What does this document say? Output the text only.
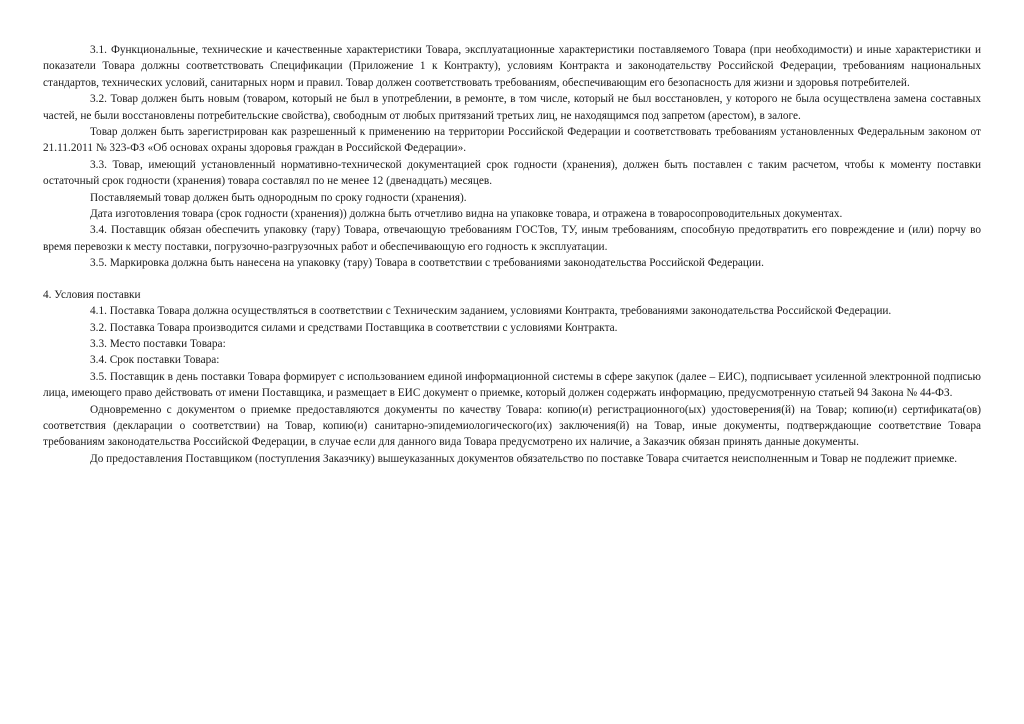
3.1. Функциональные, технические и качественные характеристики Товара, эксплуатационные характеристики поставляемого Товара (при необходимости) и иные характеристики и показатели Товара должны соответствовать Спецификации (Приложение 1 к Контракту), условиям Контракта и законодательству Российской Федерации, требованиям национальных стандартов, технических условий, санитарных норм и правил. Товар должен соответствовать требованиям, обеспечивающим его безопасность для жизни и здоровья потребителей.

3.2. Товар должен быть новым (товаром, который не был в употреблении, в ремонте, в том числе, который не был восстановлен, у которого не была осуществлена замена составных частей, не были восстановлены потребительские свойства), свободным от любых притязаний третьих лиц, не находящимся под запретом (арестом), в залоге.

Товар должен быть зарегистрирован как разрешенный к применению на территории Российской Федерации и соответствовать требованиям установленных Федеральным законом от 21.11.2011 № 323-ФЗ «Об основах охраны здоровья граждан в Российской Федерации».

3.3. Товар, имеющий установленный нормативно-технической документацией срок годности (хранения), должен быть поставлен с таким расчетом, чтобы к моменту поставки остаточный срок годности (хранения) товара составлял по не менее 12 (двенадцать) месяцев.

Поставляемый товар должен быть однородным по сроку годности (хранения).

Дата изготовления товара (срок годности (хранения)) должна быть отчетливо видна на упаковке товара, и отражена в товаросопроводительных документах.

3.4. Поставщик обязан обеспечить упаковку (тару) Товара, отвечающую требованиям ГОСТов, ТУ, иным требованиям, способную предотвратить его повреждение и (или) порчу во время перевозки к месту поставки, погрузочно-разгрузочных работ и обеспечивающую его годность к эксплуатации.

3.5. Маркировка должна быть нанесена на упаковку (тару) Товара в соответствии с требованиями законодательства Российской Федерации.

4. Условия поставки

4.1. Поставка Товара должна осуществляться в соответствии с Техническим заданием, условиями Контракта, требованиями законодательства Российской Федерации.

3.2. Поставка Товара производится силами и средствами Поставщика в соответствии с условиями Контракта.

3.3. Место поставки Товара:

3.4. Срок поставки Товара:

3.5. Поставщик в день поставки Товара формирует с использованием единой информационной системы в сфере закупок (далее – ЕИС), подписывает усиленной электронной подписью лица, имеющего право действовать от имени Поставщика, и размещает в ЕИС документ о приемке, который должен содержать информацию, предусмотренную статьей 94 Закона № 44-ФЗ.

Одновременно с документом о приемке предоставляются документы по качеству Товара: копию(и) регистрационного(ых) удостоверения(й) на Товар; копию(и) сертификата(ов) соответствия (декларации о соответствии) на Товар, копию(и) санитарно-эпидемиологического(их) заключения(й) на Товар, иные документы, подтверждающие соответствие Товара требованиям законодательства Российской Федерации, в случае если для данного вида Товара предусмотрено их наличие, а Заказчик обязан принять данные документы.

До предоставления Поставщиком (поступления Заказчику) вышеуказанных документов обязательство по поставке Товара считается неисполненным и Товар не подлежит приемке.
